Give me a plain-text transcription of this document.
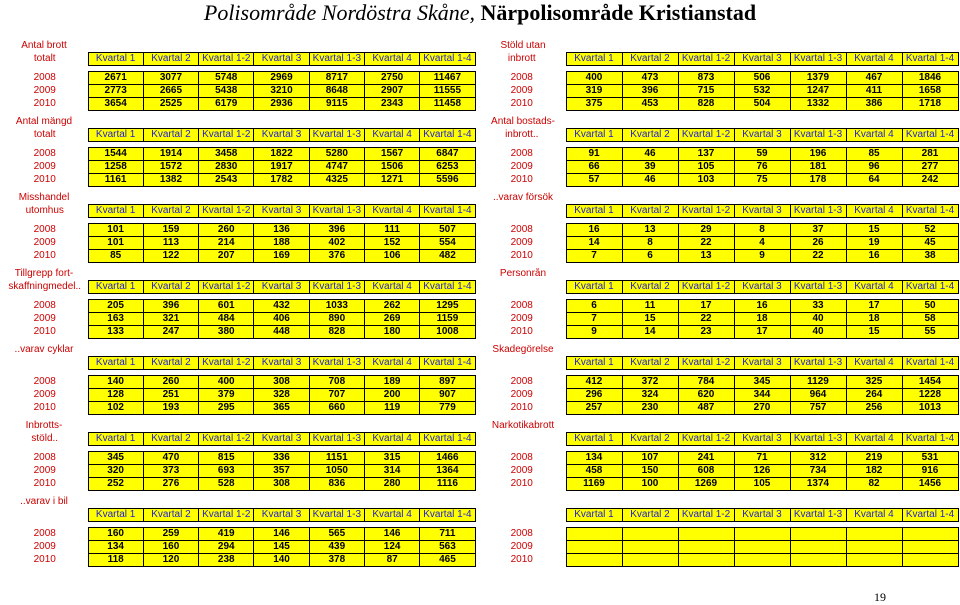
Polisområde Nordöstra Skåne, Närpolisområde Kristianstad
Antal brott							
totalt	Kvartal 1	Kvartal 2	Kvartal 1-2	Kvartal 3	Kvartal 1-3	Kvartal 4	Kvartal 1-4

2008	2671	3077	5748	2969	8717	2750	11467
2009	2773	2665	5438	3210	8648	2907	11555
2010	3654	2525	6179	2936	9115	2343	11458

Antal mängd							
totalt	Kvartal 1	Kvartal 2	Kvartal 1-2	Kvartal 3	Kvartal 1-3	Kvartal 4	Kvartal 1-4

2008	1544	1914	3458	1822	5280	1567	6847
2009	1258	1572	2830	1917	4747	1506	6253
2010	1161	1382	2543	1782	4325	1271	5596

Misshandel							
utomhus	Kvartal 1	Kvartal 2	Kvartal 1-2	Kvartal 3	Kvartal 1-3	Kvartal 4	Kvartal 1-4

2008	101	159	260	136	396	111	507
2009	101	113	214	188	402	152	554
2010	85	122	207	169	376	106	482

Tillgrepp fort-							
skaffningmedel..	Kvartal 1	Kvartal 2	Kvartal 1-2	Kvartal 3	Kvartal 1-3	Kvartal 4	Kvartal 1-4

2008	205	396	601	432	1033	262	1295
2009	163	321	484	406	890	269	1159
2010	133	247	380	448	828	180	1008

..varav cyklar							
	Kvartal 1	Kvartal 2	Kvartal 1-2	Kvartal 3	Kvartal 1-3	Kvartal 4	Kvartal 1-4

2008	140	260	400	308	708	189	897
2009	128	251	379	328	707	200	907
2010	102	193	295	365	660	119	779

Inbrotts-							
stöld..	Kvartal 1	Kvartal 2	Kvartal 1-2	Kvartal 3	Kvartal 1-3	Kvartal 4	Kvartal 1-4

2008	345	470	815	336	1151	315	1466
2009	320	373	693	357	1050	314	1364
2010	252	276	528	308	836	280	1116

..varav i bil							
	Kvartal 1	Kvartal 2	Kvartal 1-2	Kvartal 3	Kvartal 1-3	Kvartal 4	Kvartal 1-4

2008	160	259	419	146	565	146	711
2009	134	160	294	145	439	124	563
2010	118	120	238	140	378	87	465

Stöld utan							
inbrott	Kvartal 1	Kvartal 2	Kvartal 1-2	Kvartal 3	Kvartal 1-3	Kvartal 4	Kvartal 1-4

2008	400	473	873	506	1379	467	1846
2009	319	396	715	532	1247	411	1658
2010	375	453	828	504	1332	386	1718

Antal bostads-							
inbrott..	Kvartal 1	Kvartal 2	Kvartal 1-2	Kvartal 3	Kvartal 1-3	Kvartal 4	Kvartal 1-4

2008	91	46	137	59	196	85	281
2009	66	39	105	76	181	96	277
2010	57	46	103	75	178	64	242

..varav försök							
	Kvartal 1	Kvartal 2	Kvartal 1-2	Kvartal 3	Kvartal 1-3	Kvartal 4	Kvartal 1-4

2008	16	13	29	8	37	15	52
2009	14	8	22	4	26	19	45
2010	7	6	13	9	22	16	38

Personrån							
	Kvartal 1	Kvartal 2	Kvartal 1-2	Kvartal 3	Kvartal 1-3	Kvartal 4	Kvartal 1-4

2008	6	11	17	16	33	17	50
2009	7	15	22	18	40	18	58
2010	9	14	23	17	40	15	55

Skadegörelse							
	Kvartal 1	Kvartal 2	Kvartal 1-2	Kvartal 3	Kvartal 1-3	Kvartal 4	Kvartal 1-4

2008	412	372	784	345	1129	325	1454
2009	296	324	620	344	964	264	1228
2010	257	230	487	270	757	256	1013

Narkotikabrott							
	Kvartal 1	Kvartal 2	Kvartal 1-2	Kvartal 3	Kvartal 1-3	Kvartal 4	Kvartal 1-4

2008	134	107	241	71	312	219	531
2009	458	150	608	126	734	182	916
2010	1169	100	1269	105	1374	82	1456

	Kvartal 1	Kvartal 2	Kvartal 1-2	Kvartal 3	Kvartal 1-3	Kvartal 4	Kvartal 1-4

2008							
2009							
2010							

19
